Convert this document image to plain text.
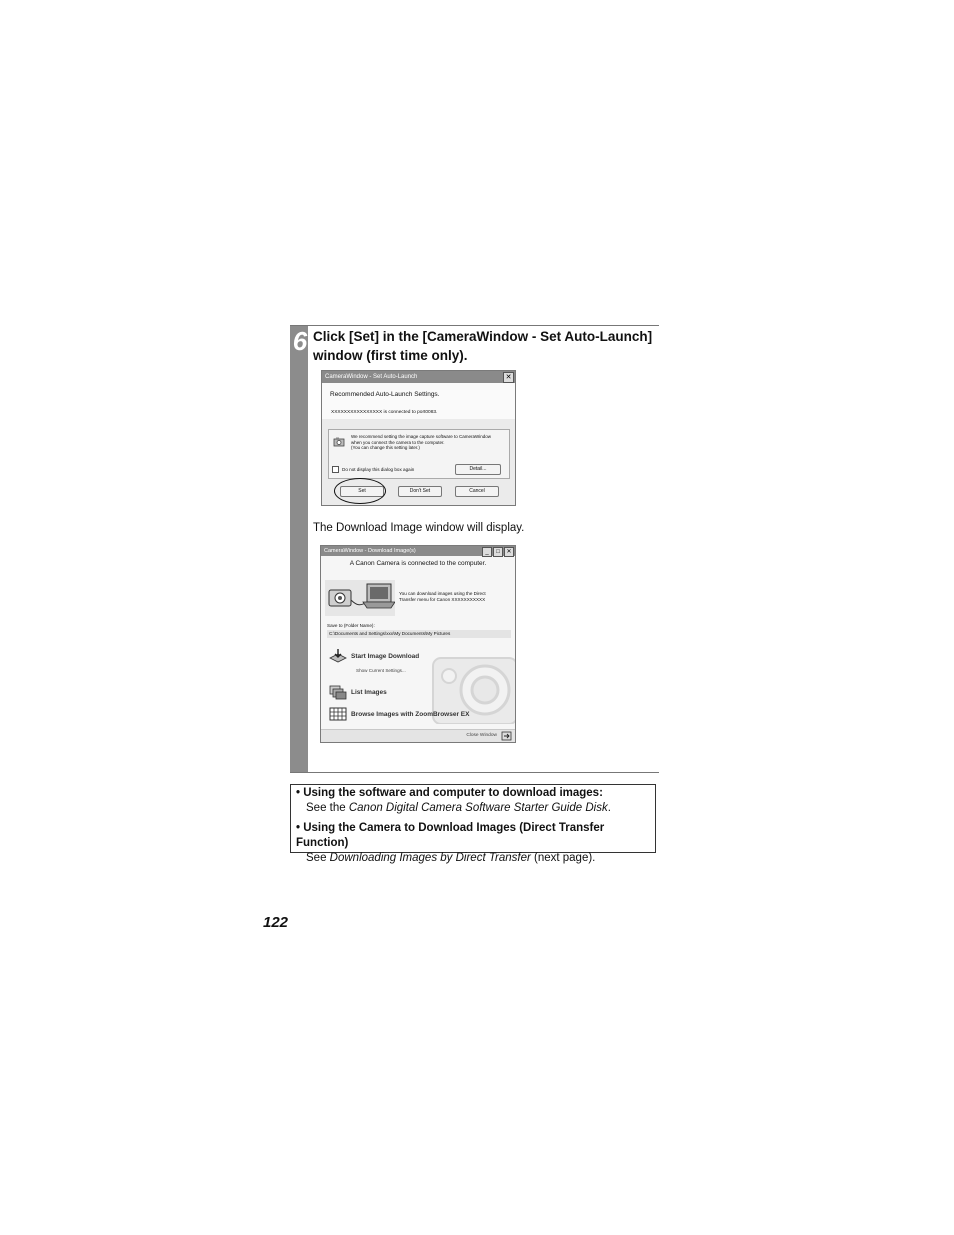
6 Click [Set] in the [CameraWindow - Set Auto-Launch] window (first time only).
CameraWindow - Set Auto-Launch	✕
Recommended Auto-Launch Settings.
XXXXXXXXXXXXXXXX is connected to port0083.
We recommend setting the image capture software to CameraWindow
when you connect the camera to the computer.
(You can change this setting later.)
Do not display this dialog box again	Detail...
Set	Don't Set	Cancel
The Download Image window will display.
CameraWindow - Download Image(s)	_	□	✕
A Canon Camera is connected to the computer.
You can download images using the Direct
Transfer menu for Canon XXXXXXXXXXX
Save to (Folder Name):
C:\Documents and Settings\xxx\My Documents\My Pictures
Start Image Download
Show Current Settings...
List Images
Browse Images with ZoomBrowser EX
Close Window
• Using the software and computer to download images:
See the Canon Digital Camera Software Starter Guide Disk.
• Using the Camera to Download Images (Direct Transfer Function)
See Downloading Images by Direct Transfer (next page).
122
